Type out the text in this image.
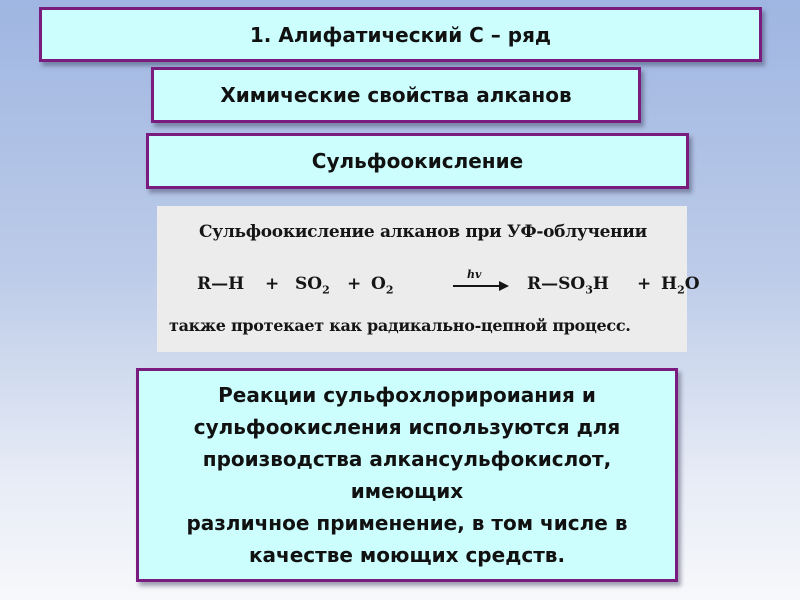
1. Алифатический С – ряд
Химические свойства алканов
Сульфоокисление
Сульфоокисление алканов при УФ-облучении
R—H + $SO_2 + O_2$
hv	$R—SO_3H + H_2O$
также протекает как радикально-цепной процесс.
Реакции сульфохлорироиания и
сульфоокисления используются для
производства алкансульфокислот, имеющих
различное применение, в том числе в
качестве моющих средств.
